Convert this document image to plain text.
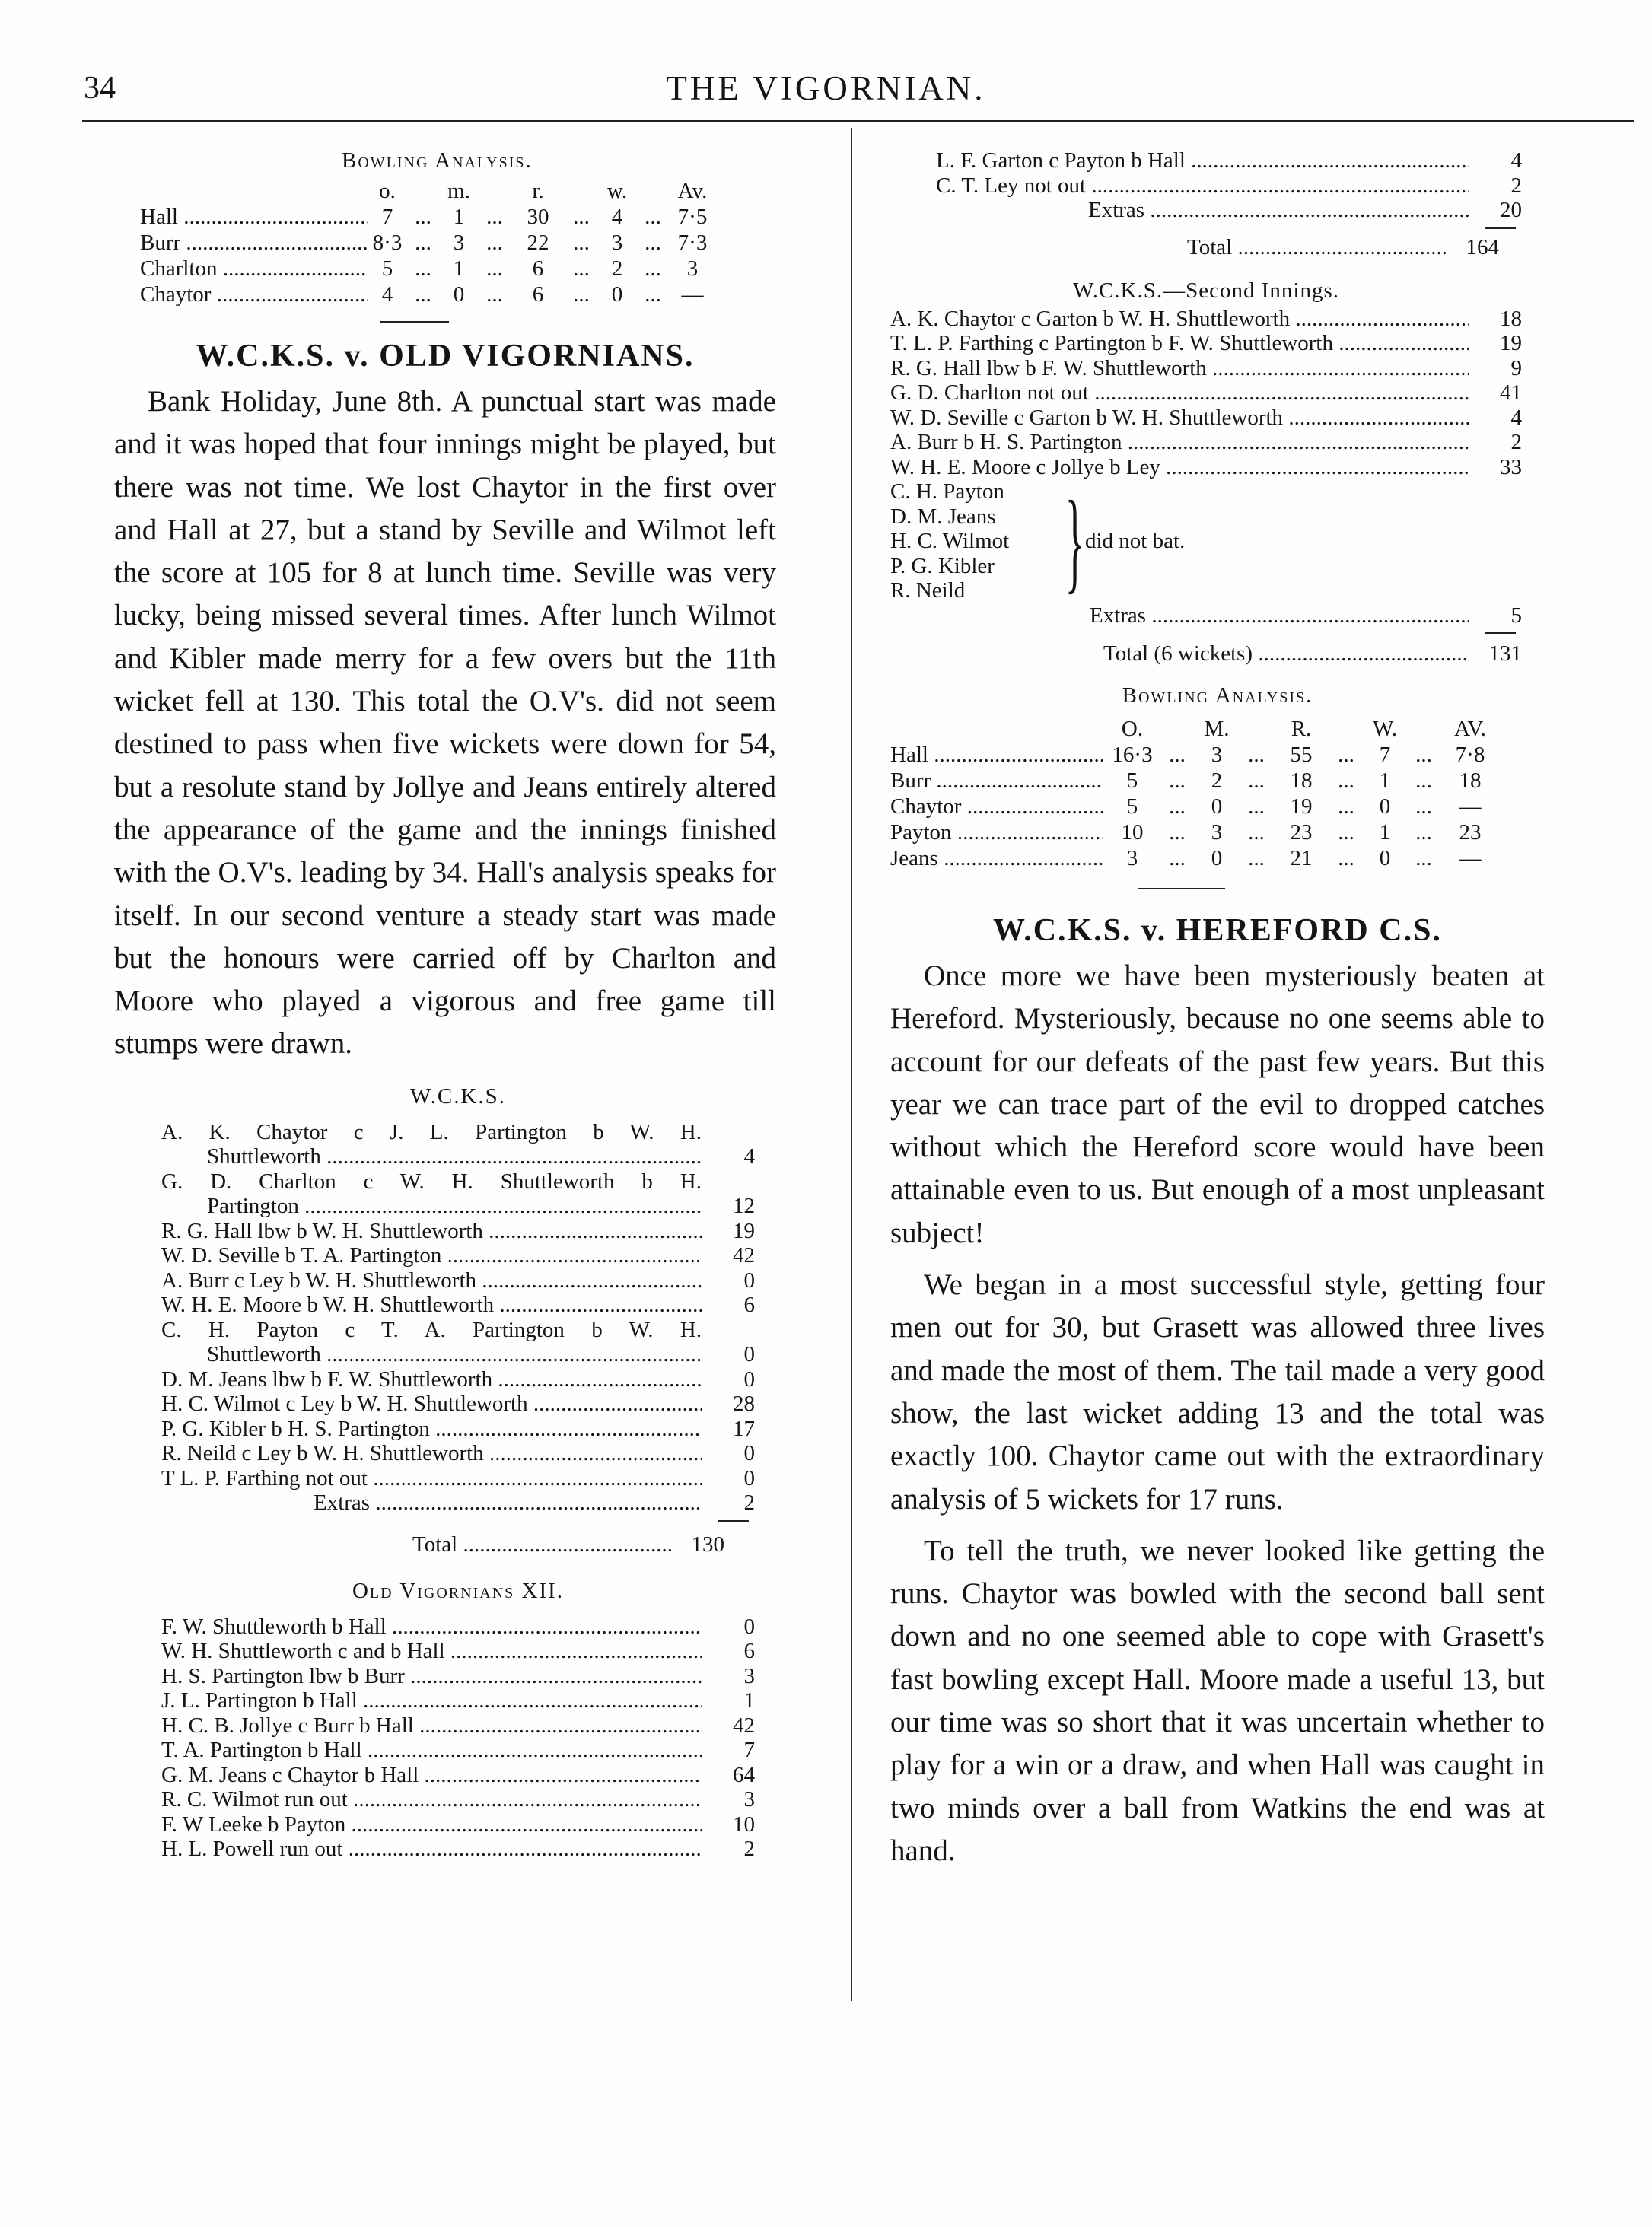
34	THE VIGORNIAN.
Bowling Analysis.
o.	m.	r.	w.	Av.
Hall .....	7 ... 1 ...	30	... 4 ... 7·5
Burr .....	8·3 ... 3 ...	22	... 3 ... 7·3
Charlton .....	5 ... 1 ...	6	... 2 ...	3
Chaytor .....	4 ... 0 ...	6	... 0 ... —
W.C.K.S. v. OLD VIGORNIANS.

Bank Holiday, June 8th. A punctual start was made and it was hoped that four innings might be played, but there was not time. We lost Chaytor in the first over and Hall at 27, but a stand by Seville and Wilmot left the score at 105 for 8 at lunch time. Seville was very lucky, being missed several times. After lunch Wilmot and Kibler made merry for a few overs but the 11th wicket fell at 130. This total the O.V's. did not seem destined to pass when five wickets were down for 54, but a resolute stand by Jollye and Jeans entirely altered the appearance of the game and the innings finished with the O.V's. leading by 34. Hall's analysis speaks for itself. In our second venture a steady start was made but the honours were carried off by Charlton and Moore who played a vigorous and free game till stumps were drawn.

W.C.K.S.
A. K. Chaytor c J. L. Partington b W. H.
Shuttleworth .....	4
G. D. Charlton c W. H. Shuttleworth b H.
Partington .....	12
R. G. Hall lbw b W. H. Shuttleworth .....	19
W. D. Seville b T. A. Partington .....	42
A. Burr c Ley b W. H. Shuttleworth .....	0
W. H. E. Moore b W. H. Shuttleworth .....	6
C. H. Payton c T. A. Partington b W. H.
Shuttleworth .....	0
D. M. Jeans lbw b F. W. Shuttleworth .....	0
H. C. Wilmot c Ley b W. H. Shuttleworth .....	28
P. G. Kibler b H. S. Partington .....	17
R. Neild c Ley b W. H. Shuttleworth .....	0
T L. P. Farthing not out .....	0
Extras .....	2
Total .....	130
Old Vigornians XII.
F. W. Shuttleworth b Hall .....	0
W. H. Shuttleworth c and b Hall .....	6
H. S. Partington lbw b Burr .....	3
J. L. Partington b Hall .....	1
H. C. B. Jollye c Burr b Hall .....	42
T. A. Partington b Hall .....	7
G. M. Jeans c Chaytor b Hall .....	64
R. C. Wilmot run out .....	3
F. W Leeke b Payton .....	10
H. L. Powell run out .....	2
L. F. Garton c Payton b Hall .....	4
C. T. Ley not out .....	2
Extras .....	20
Total .....	164
W.C.K.S.—Second Innings.
A. K. Chaytor c Garton b W. H. Shuttleworth .....	18
T. L. P. Farthing c Partington b F. W. Shuttleworth .....	19
R. G. Hall lbw b F. W. Shuttleworth .....	9
G. D. Charlton not out .....	41
W. D. Seville c Garton b W. H. Shuttleworth .....	4
A. Burr b H. S. Partington .....	2
W. H. E. Moore c Jollye b Ley .....	33
C. H. Payton
D. M. Jeans
H. C. Wilmot
P. G. Kibler
R. Neild } did not bat.
Extras .....	5
Total (6 wickets) .....	131
Bowling Analysis.
O.	M.	R.	W.	AV.
Hall .....	16·3 ...	3	...	55	...	7	...	7·8
Burr .....	5	...	2	...	18	...	1	...	18
Chaytor .....	5	...	0	...	19	...	0	...	—
Payton .....	10	...	3	...	23	...	1	...	23
Jeans .....	3	...	0	...	21	...	0	...	—
W.C.K.S. v. HEREFORD C.S.

Once more we have been mysteriously beaten at Hereford. Mysteriously, because no one seems able to account for our defeats of the past few years. But this year we can trace part of the evil to dropped catches without which the Hereford score would have been attainable even to us. But enough of a most unpleasant subject!

We began in a most successful style, getting four men out for 30, but Grasett was allowed three lives and made the most of them. The tail made a very good show, the last wicket adding 13 and the total was exactly 100. Chaytor came out with the extraordinary analysis of 5 wickets for 17 runs.

To tell the truth, we never looked like getting the runs. Chaytor was bowled with the second ball sent down and no one seemed able to cope with Grasett's fast bowling except Hall. Moore made a useful 13, but our time was so short that it was uncertain whether to play for a win or a draw, and when Hall was caught in two minds over a ball from Watkins the end was at hand.
